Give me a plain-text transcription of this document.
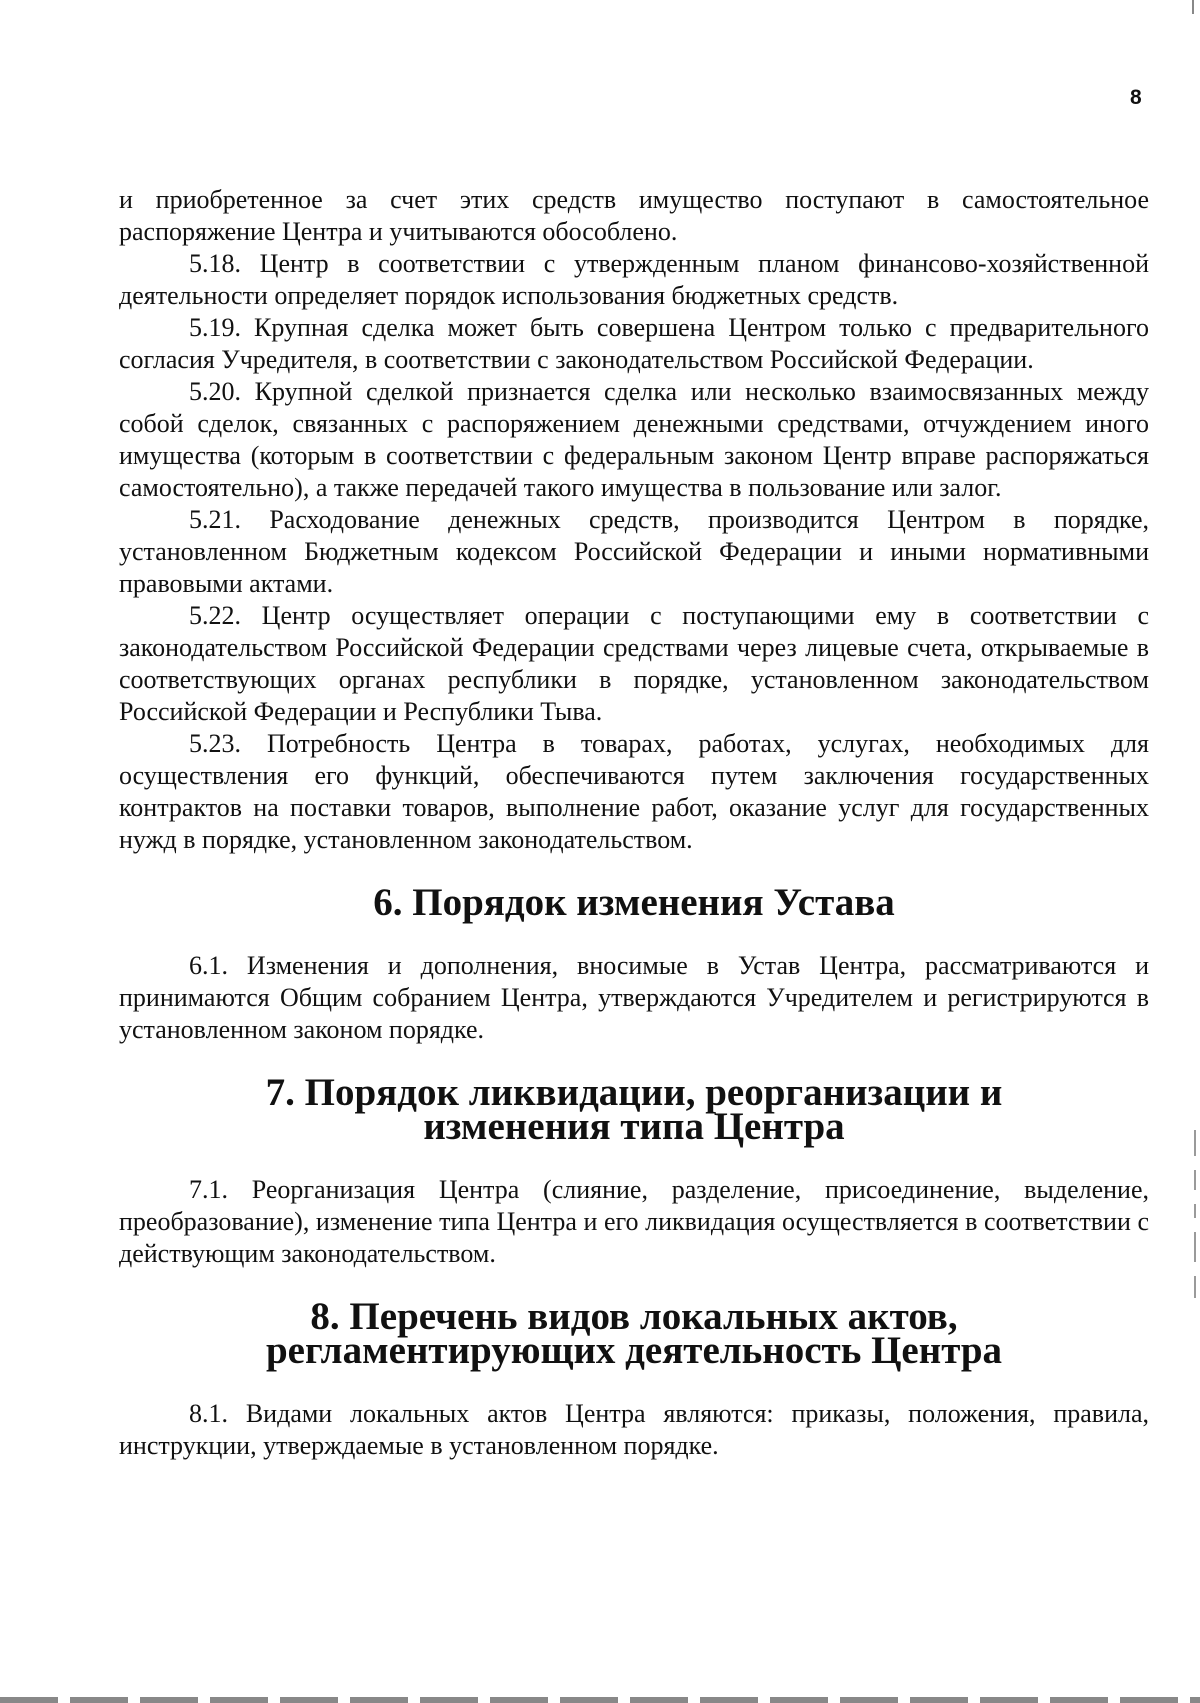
8

и приобретенное за счет этих средств имущество поступают в самостоятельное распоряжение Центра и учитываются обособлено.

5.18. Центр в соответствии с утвержденным планом финансово-хозяйственной деятельности определяет порядок использования бюджетных средств.

5.19. Крупная сделка может быть совершена Центром только с предварительного согласия Учредителя, в соответствии с законодательством Российской Федерации.

5.20. Крупной сделкой признается сделка или несколько взаимосвязанных между собой сделок, связанных с распоряжением денежными средствами, отчуждением иного имущества (которым в соответствии с федеральным законом Центр вправе распоряжаться самостоятельно), а также передачей такого имущества в пользование или залог.

5.21. Расходование денежных средств, производится Центром в порядке, установленном Бюджетным кодексом Российской Федерации и иными нормативными правовыми актами.

5.22. Центр осуществляет операции с поступающими ему в соответствии с законодательством Российской Федерации средствами через лицевые счета, открываемые в соответствующих органах республики в порядке, установленном законодательством Российской Федерации и Республики Тыва.

5.23. Потребность Центра в товарах, работах, услугах, необходимых для осуществления его функций, обеспечиваются путем заключения государственных контрактов на поставки товаров, выполнение работ, оказание услуг для государственных нужд в порядке, установленном законодательством.

6. Порядок изменения Устава

6.1. Изменения и дополнения, вносимые в Устав Центра, рассматриваются и принимаются Общим собранием Центра, утверждаются Учредителем и регистрируются в установленном законом порядке.

7. Порядок ликвидации, реорганизации и
изменения типа Центра

7.1. Реорганизация Центра (слияние, разделение, присоединение, выделение, преобразование), изменение типа Центра и его ликвидация осуществляется в соответствии с действующим законодательством.

8. Перечень видов локальных актов,
регламентирующих деятельность Центра

8.1. Видами локальных актов Центра являются: приказы, положения, правила, инструкции, утверждаемые в установленном порядке.
